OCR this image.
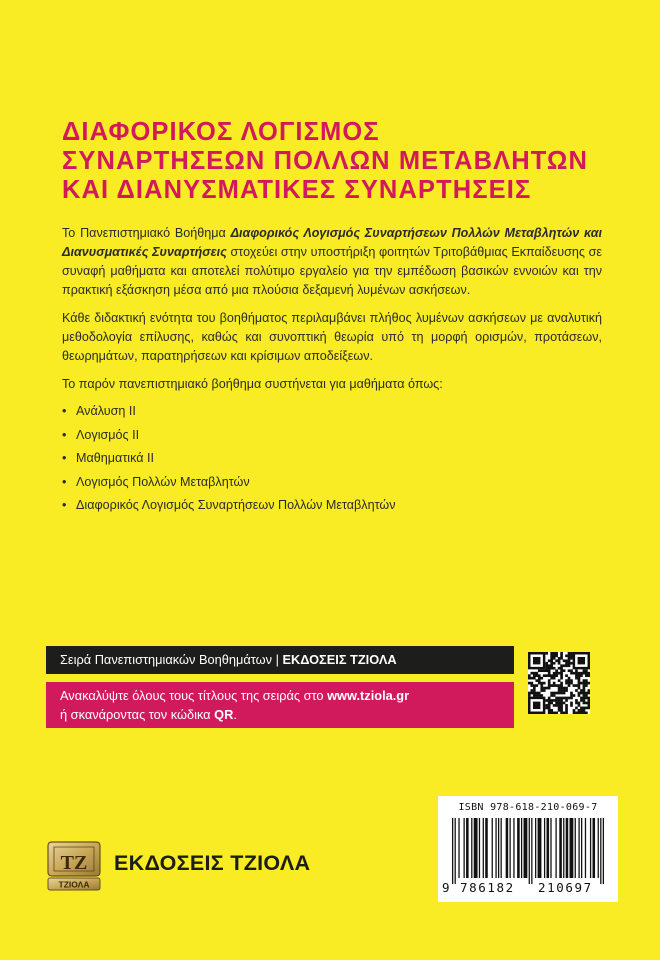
ΔΙΑΦΟΡΙΚΟΣ ΛΟΓΙΣΜΟΣ
ΣΥΝΑΡΤΗΣΕΩΝ ΠΟΛΛΩΝ ΜΕΤΑΒΛΗΤΩΝ
ΚΑΙ ΔΙΑΝΥΣΜΑΤΙΚΕΣ ΣΥΝΑΡΤΗΣΕΙΣ

Το Πανεπιστημιακό Βοήθημα Διαφορικός Λογισμός Συναρτήσεων Πολλών Μεταβλητών και Διανυσματικές Συναρτήσεις στοχεύει στην υποστήριξη φοιτητών Τριτοβάθμιας Εκπαίδευσης σε συναφή μαθήματα και αποτελεί πολύτιμο εργαλείο για την εμπέδωση βασικών εννοιών και την πρακτική εξάσκηση μέσα από μια πλούσια δεξαμενή λυμένων ασκήσεων.

Κάθε διδακτική ενότητα του βοηθήματος περιλαμβάνει πλήθος λυμένων ασκήσεων με αναλυτική μεθοδολογία επίλυσης, καθώς και συνοπτική θεωρία υπό τη μορφή ορισμών, προτάσεων, θεωρημάτων, παρατηρήσεων και κρίσιμων αποδείξεων.

Το παρόν πανεπιστημιακό βοήθημα συστήνεται για μαθήματα όπως:

• Ανάλυση ΙΙ
• Λογισμός ΙΙ
• Μαθηματικά ΙΙ
• Λογισμός Πολλών Μεταβλητών
• Διαφορικός Λογισμός Συναρτήσεων Πολλών Μεταβλητών
Σειρά Πανεπιστημιακών Βοηθημάτων | ΕΚΔΟΣΕΙΣ ΤΖΙΟΛΑ
Ανακαλύψτε όλους τους τίτλους της σειράς στο www.tziola.gr
ή σκανάροντας τον κώδικα QR.
ISBN 978-618-210-069-7
9 786182 210697
ΤΖ
ΤΖΙΟΛΑ
ΕΚΔΟΣΕΙΣ ΤΖΙΟΛΑ
